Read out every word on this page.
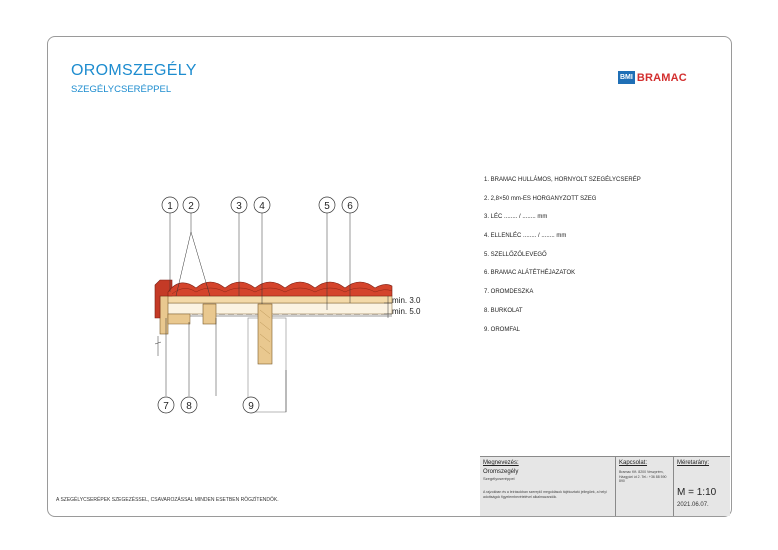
OROMSZEGÉLY
SZEGÉLYCSERÉPPEL
BMI BRAMAC
1 2	3 4	5 6
7 8	9
min. 3.0
min. 5.0
1. BRAMAC HULLÁMOS, HORNYOLT SZEGÉLYCSERÉP
2. 2,8×50 mm-ES HORGANYZOTT SZEG
3. LÉC ........ / ........ mm
4. ELLENLÉC ........ / ........ mm
5. SZELLŐZŐLEVEGŐ
6. BRAMAC ALÁTÉTHÉJAZATOK
7. OROMDESZKA
8. BURKOLAT
9. OROMFAL
A SZEGÉLYCSERÉPEK SZEGEZÉSSEL, CSAVAROZÁSSAL MINDEN ESETBEN RÖGZÍTENDŐK.
Megnevezés:
Oromszegély
Szegélycseréppel
A rajzokban és a leírásokban szereplő megoldások tájékoztató jellegűek, a helyi adottságok figyelembevételével alkalmazandók.
Kapcsolat:
Bramac Kft. 8200 Veszprém, Házgyári út 2. Tel.: +36 88 590 890
Méretarány:
M = 1:10
2021.06.07.
